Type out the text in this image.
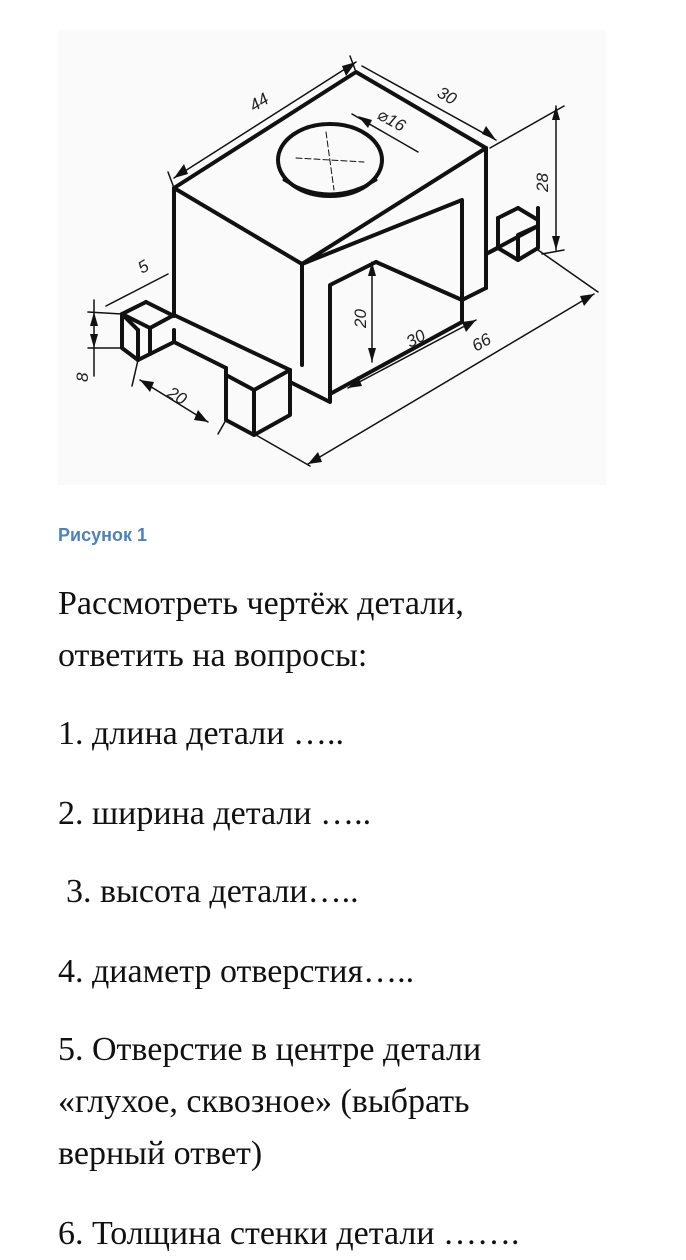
44	30
⌀16
28
5
8
20
20
30 66
Рисунок 1

Рассмотреть чертёж детали,
ответить на вопросы:

1. длина детали …..

2. ширина детали …..

3. высота детали…..

4. диаметр отверстия…..

5. Отверстие в центре детали
«глухое, сквозное» (выбрать
верный ответ)

6. Толщина стенки детали …….
